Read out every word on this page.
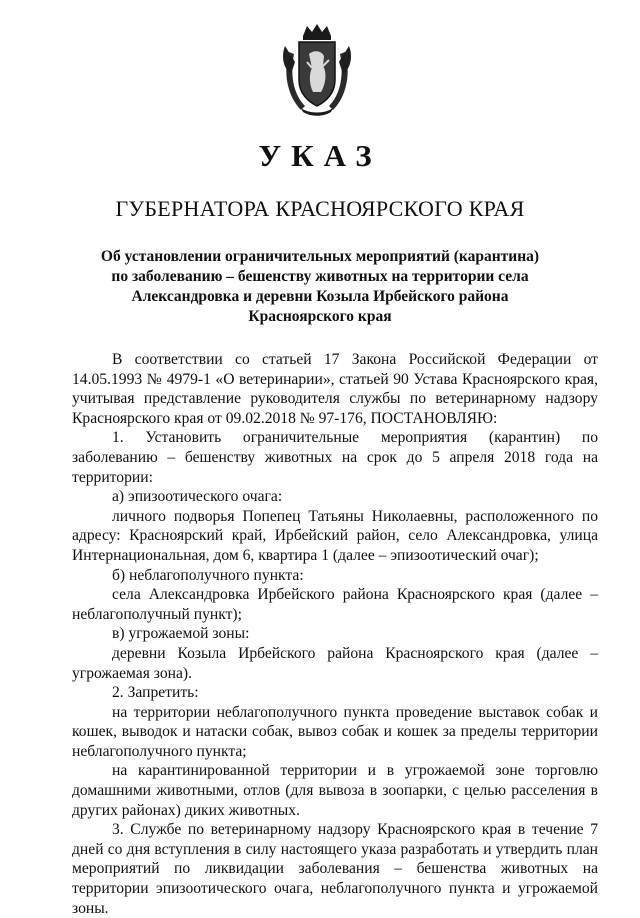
УКАЗ
ГУБЕРНАТОРА КРАСНОЯРСКОГО КРАЯ
Об установлении ограничительных мероприятий (карантина)
по заболеванию – бешенству животных на территории села
Александровка и деревни Козыла Ирбейского района
Красноярского края

В соответствии со статьей 17 Закона Российской Федерации от 14.05.1993 № 4979-1 «О ветеринарии», статьей 90 Устава Красноярского края, учитывая представление руководителя службы по ветеринарному надзору Красноярского края от 09.02.2018 № 97-176, ПОСТАНОВЛЯЮ:

1. Установить ограничительные мероприятия (карантин) по заболеванию – бешенству животных на срок до 5 апреля 2018 года на территории:

а) эпизоотического очага:

личного подворья Попепец Татьяны Николаевны, расположенного по адресу: Красноярский край, Ирбейский район, село Александровка, улица Интернациональная, дом 6, квартира 1 (далее – эпизоотический очаг);

б) неблагополучного пункта:

села Александровка Ирбейского района Красноярского края (далее – неблагополучный пункт);

в) угрожаемой зоны:

деревни Козыла Ирбейского района Красноярского края (далее – угрожаемая зона).

2. Запретить:

на территории неблагополучного пункта проведение выставок собак и кошек, выводок и натаски собак, вывоз собак и кошек за пределы территории неблагополучного пункта;

на карантинированной территории и в угрожаемой зоне торговлю домашними животными, отлов (для вывоза в зоопарки, с целью расселения в других районах) диких животных.

3. Службе по ветеринарному надзору Красноярского края в течение 7 дней со дня вступления в силу настоящего указа разработать и утвердить план мероприятий по ликвидации заболевания – бешенства животных на территории эпизоотического очага, неблагополучного пункта и угрожаемой зоны.
